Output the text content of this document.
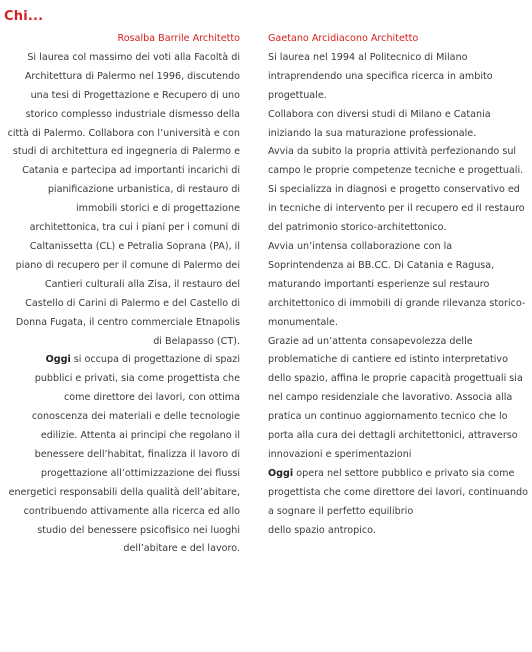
Chi...

Rosalba Barrile Architetto

Si laurea col massimo dei voti alla Facoltà di Architettura di Palermo nel 1996, discutendo una tesi di Progettazione e Recupero di uno storico complesso industriale dismesso della città di Palermo. Collabora con l’università e con studi di architettura ed ingegneria di Palermo e Catania e partecipa ad importanti incarichi di pianificazione urbanistica, di restauro di immobili storici e di progettazione architettonica, tra cui i piani per i comuni di Caltanissetta (CL) e Petralia Soprana (PA), il piano di recupero per il comune di Palermo dei Cantieri culturali alla Zisa, il restauro del Castello di Carini di Palermo e del Castello di Donna Fugata, il centro commerciale Etnapolis di Belapasso (CT).

Oggi si occupa di progettazione di spazi pubblici e privati, sia come progettista che come direttore dei lavori, con ottima conoscenza dei materiali e delle tecnologie edilizie. Attenta ai principi che regolano il benessere dell’habitat, finalizza il lavoro di progettazione all’ottimizzazione dei flussi energetici responsabili della qualità dell’abitare, contribuendo attivamente alla ricerca ed allo studio del benessere psicofisico nei luoghi dell’abitare e del lavoro.

Gaetano Arcidiacono Architetto

Si laurea nel 1994 al Politecnico di Milano intraprendendo una specifica ricerca in ambito progettuale.

Collabora con diversi studi di Milano e Catania iniziando la sua maturazione professionale.

Avvia da subito la propria attività perfezionando sul campo le proprie competenze tecniche e progettuali.

Si specializza in diagnosi e progetto conservativo ed in tecniche di intervento per il recupero ed il restauro del patrimonio storico-architettonico.

Avvia un’intensa collaborazione con la Soprintendenza ai BB.CC. Di Catania e Ragusa, maturando importanti esperienze sul restauro architettonico di immobili di grande rilevanza storico-monumentale.

Grazie ad un’attenta consapevolezza delle problematiche di cantiere ed istinto interpretativo dello spazio, affina le proprie capacità progettuali sia nel campo residenziale che lavorativo. Associa alla pratica un continuo aggiornamento tecnico che lo porta alla cura dei dettagli architettonici, attraverso innovazioni e sperimentazioni

Oggi opera nel settore pubblico e privato sia come progettista che come direttore dei lavori, continuando a sognare il perfetto equilibrio

dello spazio antropico.
